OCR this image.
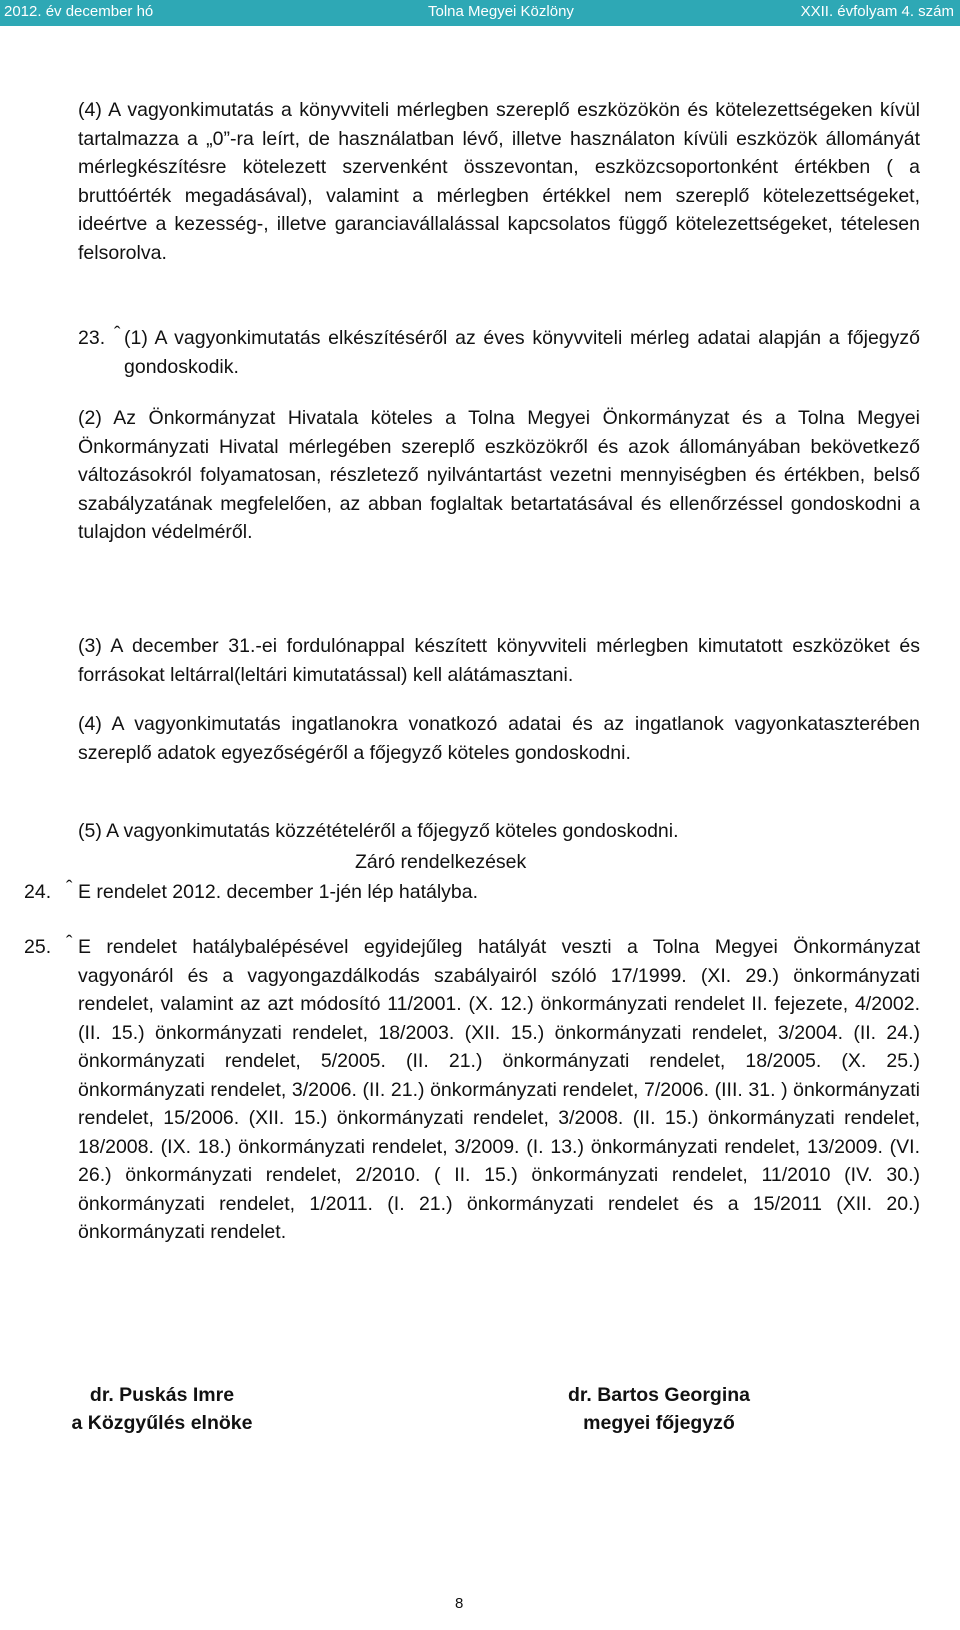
2012. év december hó	Tolna Megyei Közlöny	XXII. évfolyam 4. szám
(4) A vagyonkimutatás a könyvviteli mérlegben szereplő eszközökön és kötelezettségeken kívül tartalmazza a „0”-ra leírt, de használatban lévő, illetve használaton kívüli eszközök állományát mérlegkészítésre kötelezett szervenként összevontan, eszközcsoportonként értékben ( a bruttóérték megadásával), valamint a mérlegben értékkel nem szereplő kötelezettségeket, ideértve a kezesség-, illetve garanciavállalással kapcsolatos függő kötelezettségeket, tételesen felsorolva.
23. ˆ (1) A vagyonkimutatás elkészítéséről az éves könyvviteli mérleg adatai alapján a főjegyző gondoskodik.
(2) Az Önkormányzat Hivatala köteles a Tolna Megyei Önkormányzat és a Tolna Megyei Önkormányzati Hivatal mérlegében szereplő eszközökről és azok állományában bekövetkező változásokról folyamatosan, részletező nyilvántartást vezetni mennyiségben és értékben, belső szabályzatának megfelelően, az abban foglaltak betartatásával és ellenőrzéssel gondoskodni a tulajdon védelméről.
(3) A december 31.-ei fordulónappal készített könyvviteli mérlegben kimutatott eszközöket és forrásokat leltárral(leltári kimutatással) kell alátámasztani.
(4) A vagyonkimutatás ingatlanokra vonatkozó adatai és az ingatlanok vagyonkataszterében szereplő adatok egyezőségéről a főjegyző köteles gondoskodni.
(5) A vagyonkimutatás közzétételéről a főjegyző köteles gondoskodni.
Záró rendelkezések
24. ˆ E rendelet 2012. december 1-jén lép hatályba.
25. ˆ E rendelet hatálybalépésével egyidejűleg hatályát veszti a Tolna Megyei Önkormányzat vagyonáról és a vagyongazdálkodás szabályairól szóló 17/1999. (XI. 29.) önkormányzati rendelet, valamint az azt módosító 11/2001. (X. 12.) önkormányzati rendelet II. fejezete, 4/2002. (II. 15.) önkormányzati rendelet, 18/2003. (XII. 15.) önkormányzati rendelet, 3/2004. (II. 24.) önkormányzati rendelet, 5/2005. (II. 21.) önkormányzati rendelet, 18/2005. (X. 25.) önkormányzati rendelet, 3/2006. (II. 21.) önkormányzati rendelet, 7/2006. (III. 31. ) önkormányzati rendelet, 15/2006. (XII. 15.) önkormányzati rendelet, 3/2008. (II. 15.) önkormányzati rendelet, 18/2008. (IX. 18.) önkormányzati rendelet, 3/2009. (I. 13.) önkormányzati rendelet, 13/2009. (VI. 26.) önkormányzati rendelet, 2/2010. ( II. 15.) önkormányzati rendelet, 11/2010 (IV. 30.) önkormányzati rendelet, 1/2011. (I. 21.) önkormányzati rendelet és a 15/2011 (XII. 20.) önkormányzati rendelet.
dr. Puskás Imre
a Közgyűlés elnöke
dr. Bartos Georgina
megyei főjegyző
8
